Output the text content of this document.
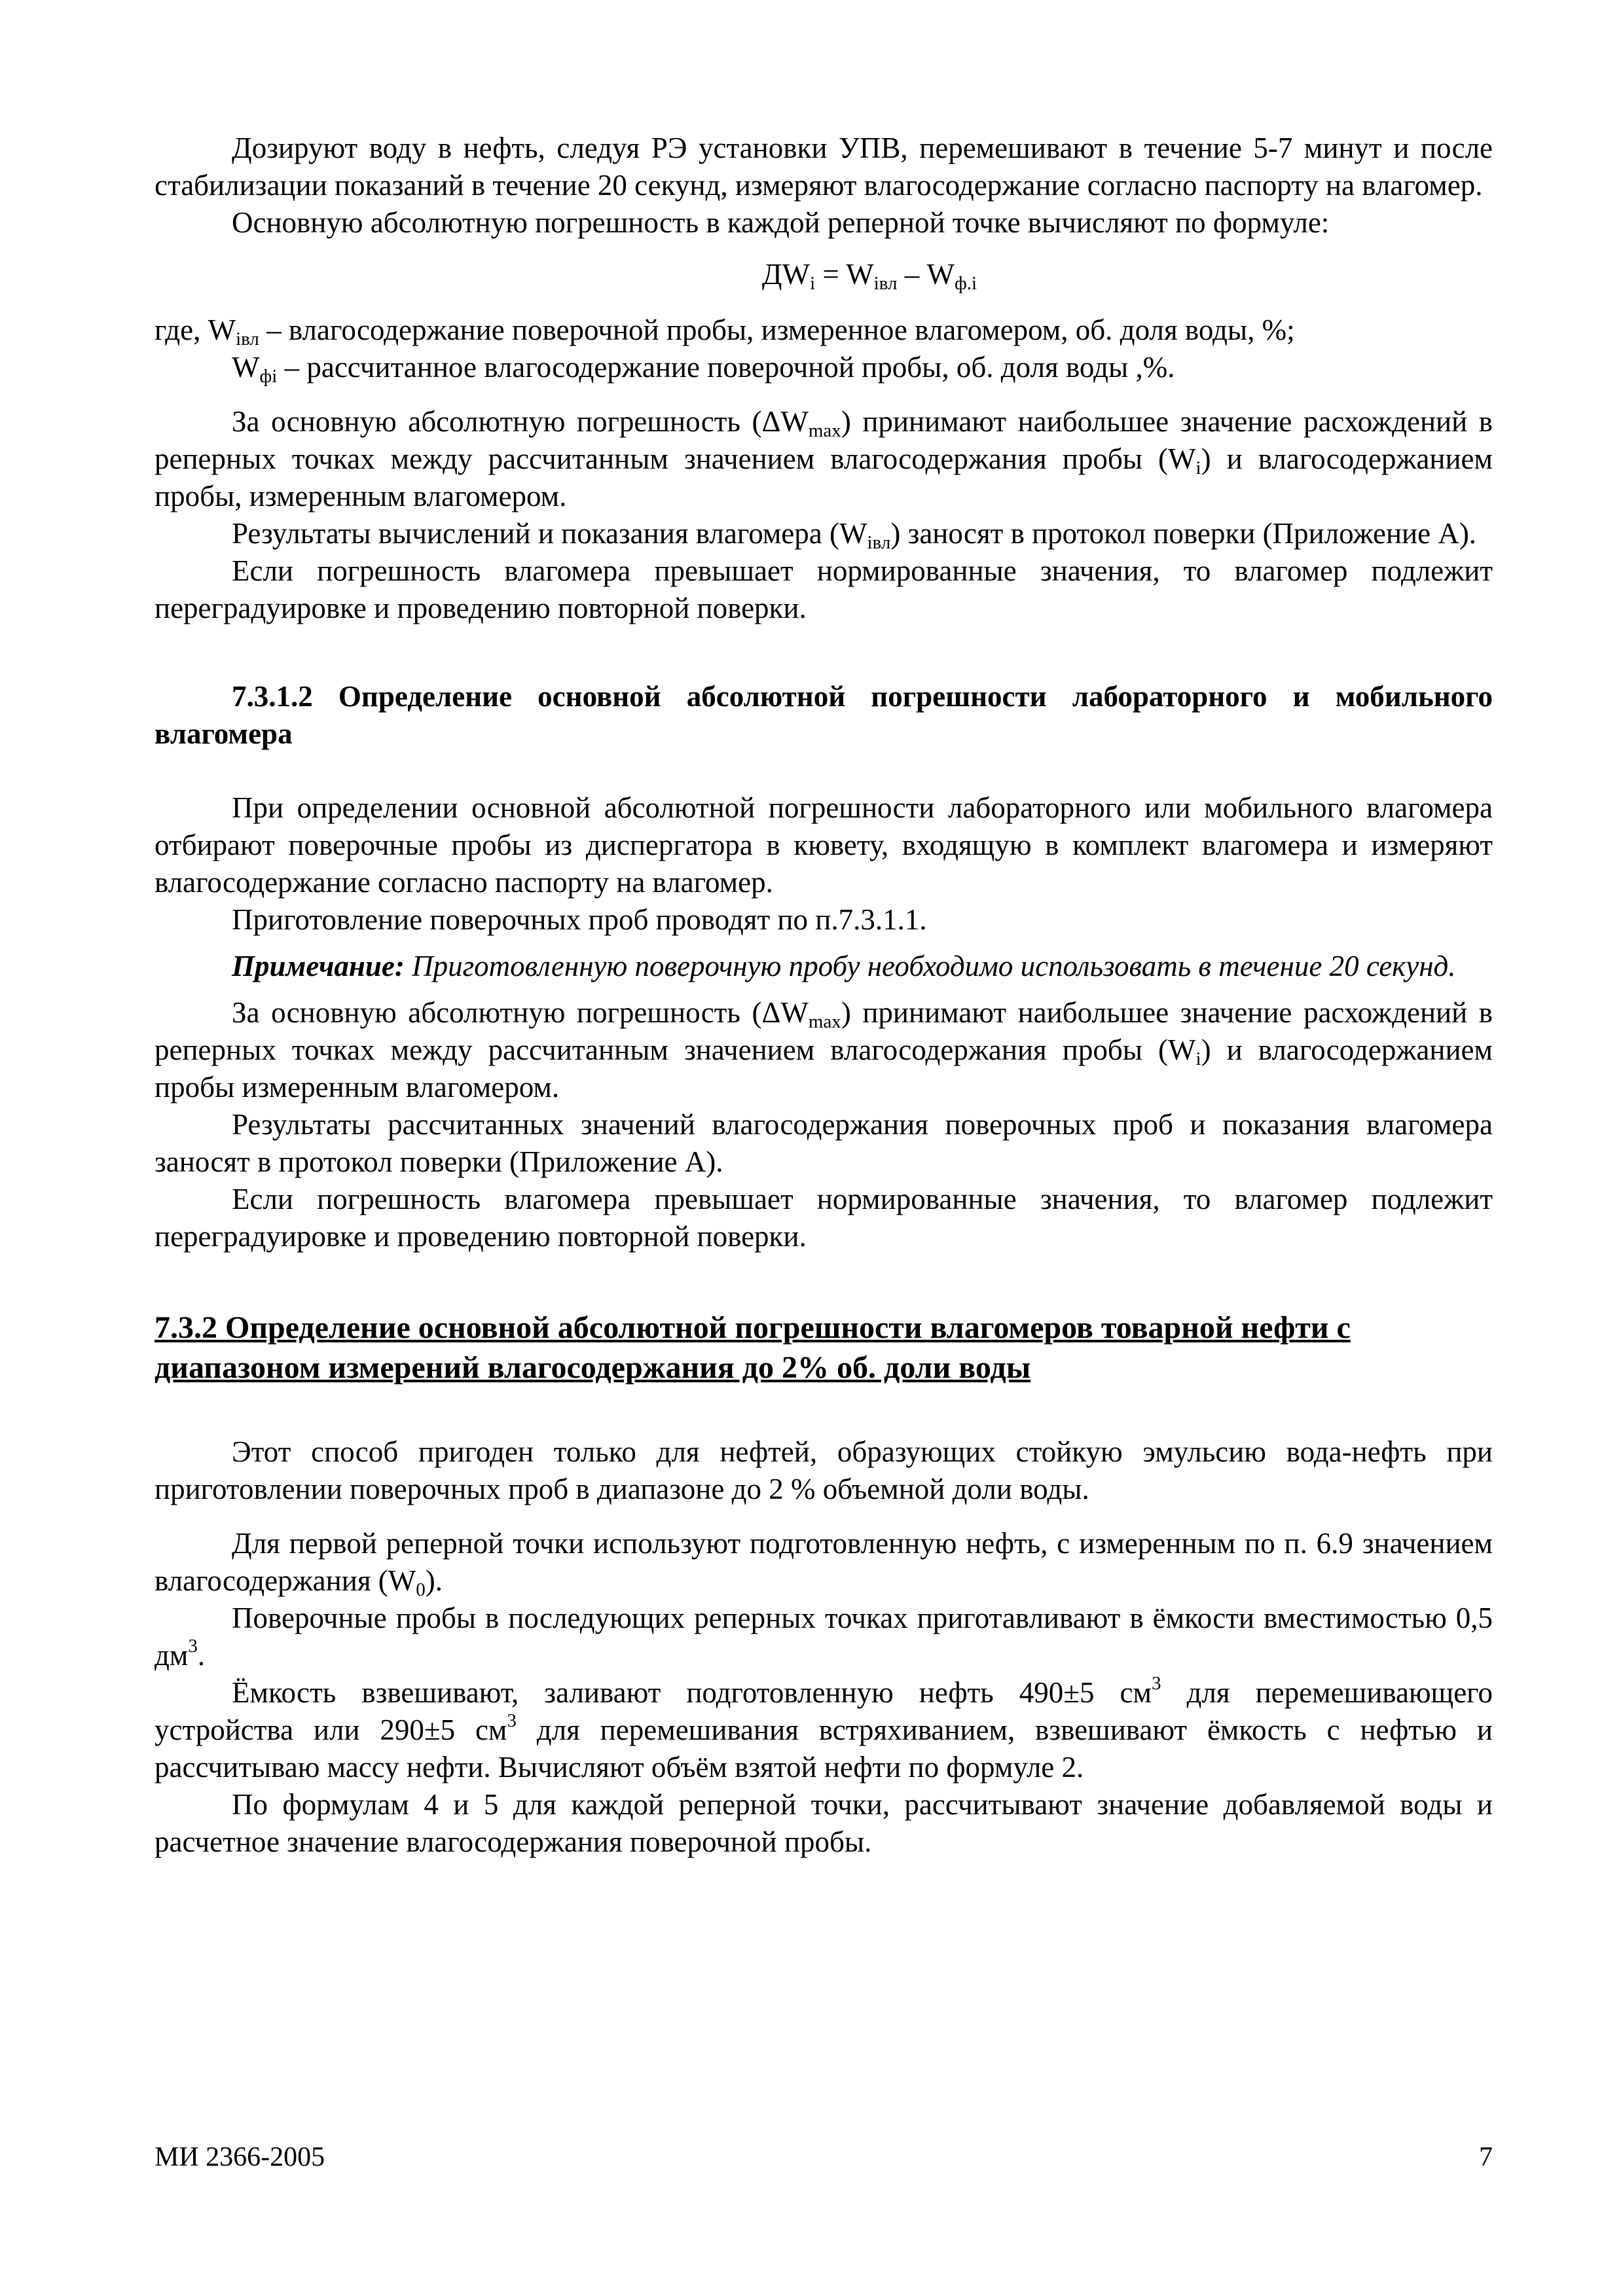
Дозируют воду в нефть, следуя РЭ установки УПВ, перемешивают в течение 5-7 минут и после стабилизации показаний в течение 20 секунд, измеряют влагосодержание согласно паспорту на влагомер.

Основную абсолютную погрешность в каждой реперной точке вычисляют по формуле:

$ДW_i = W_{iвл} - W_{ф.i}$

где, $W_{iвл}$ – влагосодержание поверочной пробы, измеренное влагомером, об. доля воды, %;

$W_{фi}$ – рассчитанное влагосодержание поверочной пробы, об. доля воды ,%.

За основную абсолютную погрешность $(\Delta W_{max})$ принимают наибольшее значение расхождений в реперных точках между рассчитанным значением влагосодержания пробы $(W_i)$ и влагосодержанием пробы, измеренным влагомером.

Результаты вычислений и показания влагомера $(W_{iвл})$ заносят в протокол поверки (Приложение А).

Если погрешность влагомера превышает нормированные значения, то влагомер подлежит переградуировке и проведению повторной поверки.

7.3.1.2 Определение основной абсолютной погрешности лабораторного и мобильного влагомера

При определении основной абсолютной погрешности лабораторного или мобильного влагомера отбирают поверочные пробы из диспергатора в кювету, входящую в комплект влагомера и измеряют влагосодержание согласно паспорту на влагомер.

Приготовление поверочных проб проводят по п.7.3.1.1.

Примечание: Приготовленную поверочную пробу необходимо использовать в течение 20 секунд.

За основную абсолютную погрешность $(\Delta W_{max})$ принимают наибольшее значение расхождений в реперных точках между рассчитанным значением влагосодержания пробы $(W_i)$ и влагосодержанием пробы измеренным влагомером.

Результаты рассчитанных значений влагосодержания поверочных проб и показания влагомера заносят в протокол поверки (Приложение А).

Если погрешность влагомера превышает нормированные значения, то влагомер подлежит переградуировке и проведению повторной поверки.

7.3.2 Определение основной абсолютной погрешности влагомеров товарной нефти с диапазоном измерений влагосодержания до 2% об. доли воды

Этот способ пригоден только для нефтей, образующих стойкую эмульсию вода-нефть при приготовлении поверочных проб в диапазоне до 2 % объемной доли воды.

Для первой реперной точки используют подготовленную нефть, с измеренным по п. 6.9 значением влагосодержания $(W_0)$.

Поверочные пробы в последующих реперных точках приготавливают в ёмкости вместимостью 0,5 $дм^3$.

Ёмкость взвешивают, заливают подготовленную нефть 490±5 $см^3$ для перемешивающего устройства или 290±5 $см^3$ для перемешивания встряхиванием, взвешивают ёмкость с нефтью и рассчитываю массу нефти. Вычисляют объём взятой нефти по формуле 2.

По формулам 4 и 5 для каждой реперной точки, рассчитывают значение добавляемой воды и расчетное значение влагосодержания поверочной пробы.

МИ 2366-2005	7
